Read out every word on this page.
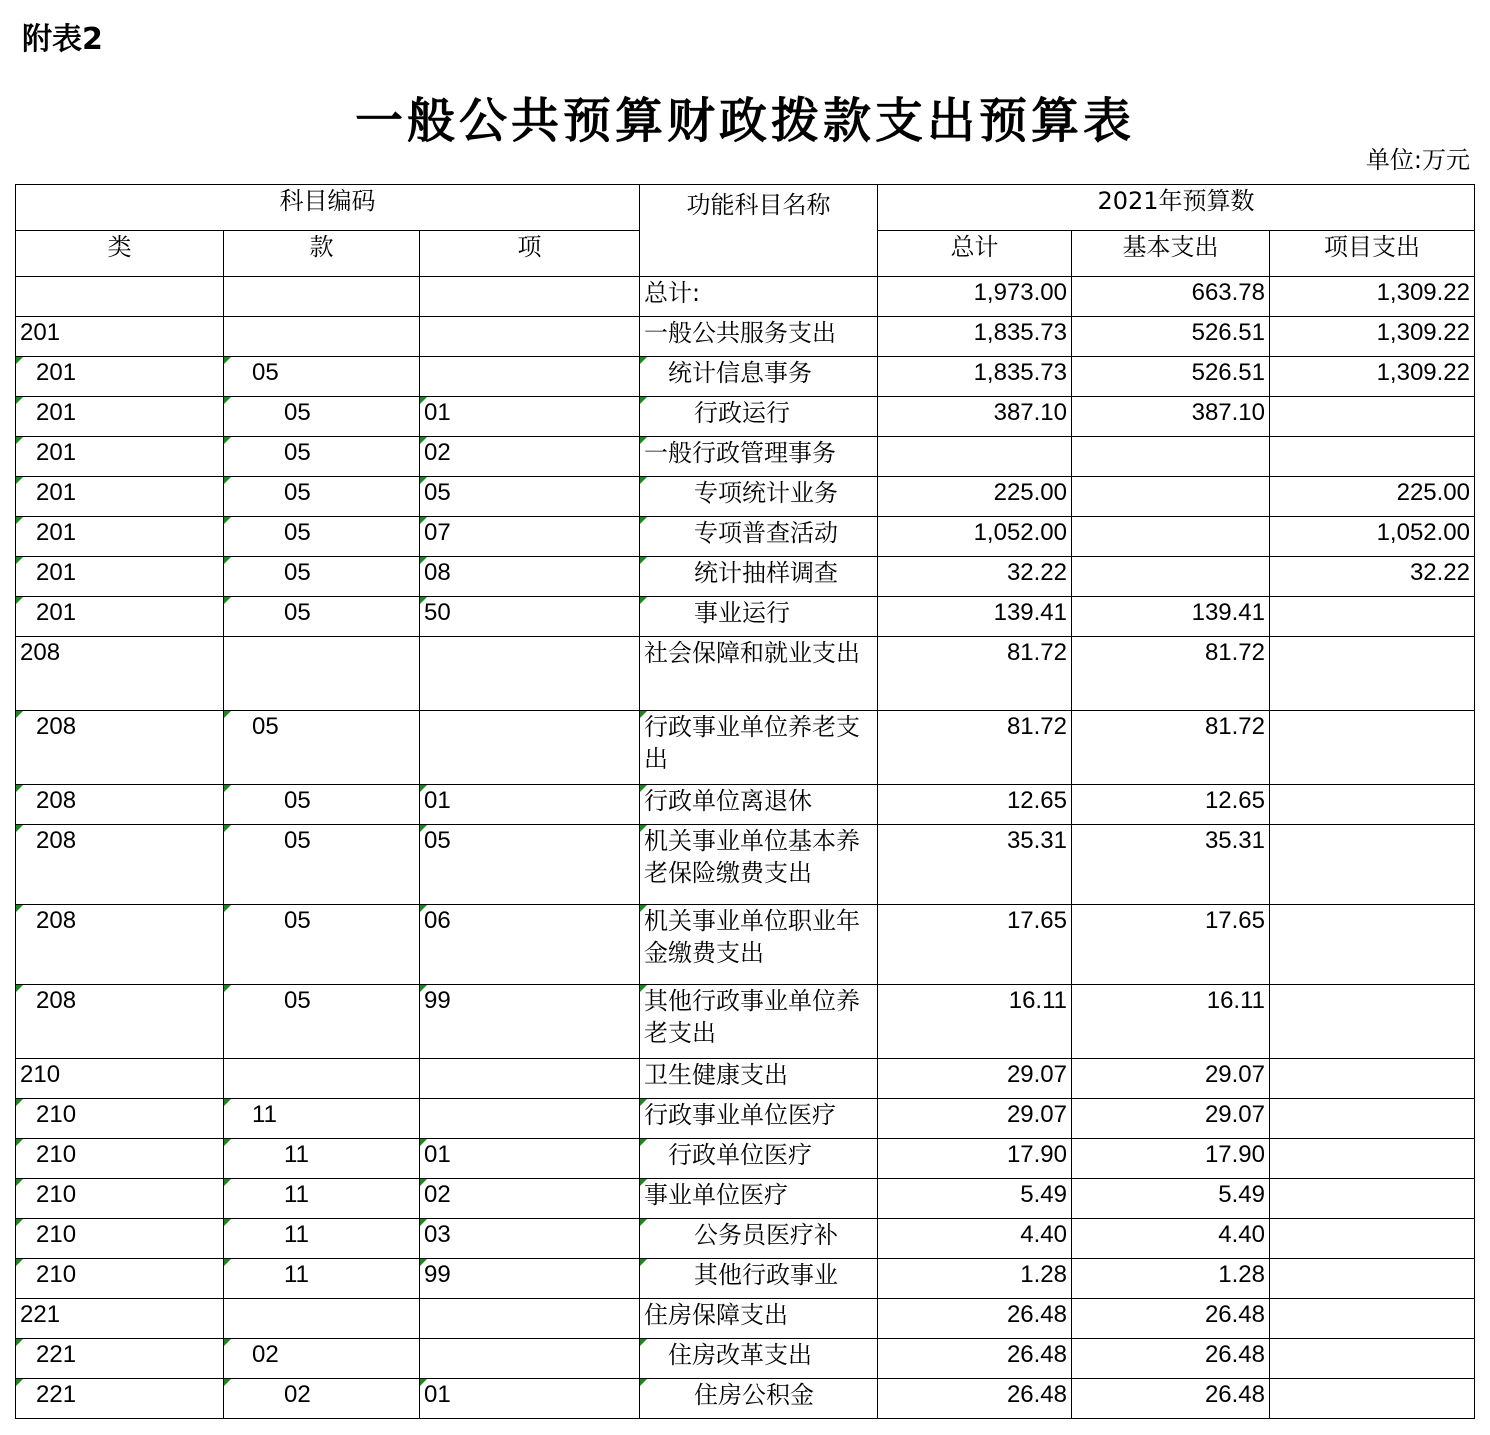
附表2
一般公共预算财政拨款支出预算表
单位:万元
科目编码			功能科目名称	2021年预算数		
类	款	项		总计	基本支出	项目支出
			总计:	1,973.00	663.78	1,309.22
201			一般公共服务支出	1,835.73	526.51	1,309.22

201	05		统计信息事务	1,835.73	526.51	1,309.22

201	05	01	行政运行	387.10	387.10	

201	05	02	一般行政管理事务			

201	05	05	专项统计业务	225.00		225.00

201	05	07	专项普查活动	1,052.00		1,052.00

201	05	08	统计抽样调查	32.22		32.22

201	05	50	事业运行	139.41	139.41	
208			社会保障和就业支出	81.72	81.72	

208	05		行政事业单位养老支出	81.72	81.72	

208	05	01	行政单位离退休	12.65	12.65	

208	05	05	机关事业单位基本养老保险缴费支出	35.31	35.31	

208	05	06	机关事业单位职业年金缴费支出	17.65	17.65	

208	05	99	其他行政事业单位养老支出	16.11	16.11	
210			卫生健康支出	29.07	29.07	

210	11		行政事业单位医疗	29.07	29.07	

210	11	01	行政单位医疗	17.90	17.90	

210	11	02	事业单位医疗	5.49	5.49	

210	11	03	公务员医疗补	4.40	4.40	

210	11	99	其他行政事业	1.28	1.28	
221			住房保障支出	26.48	26.48	

221	02		住房改革支出	26.48	26.48	

221	02	01	住房公积金	26.48	26.48	
